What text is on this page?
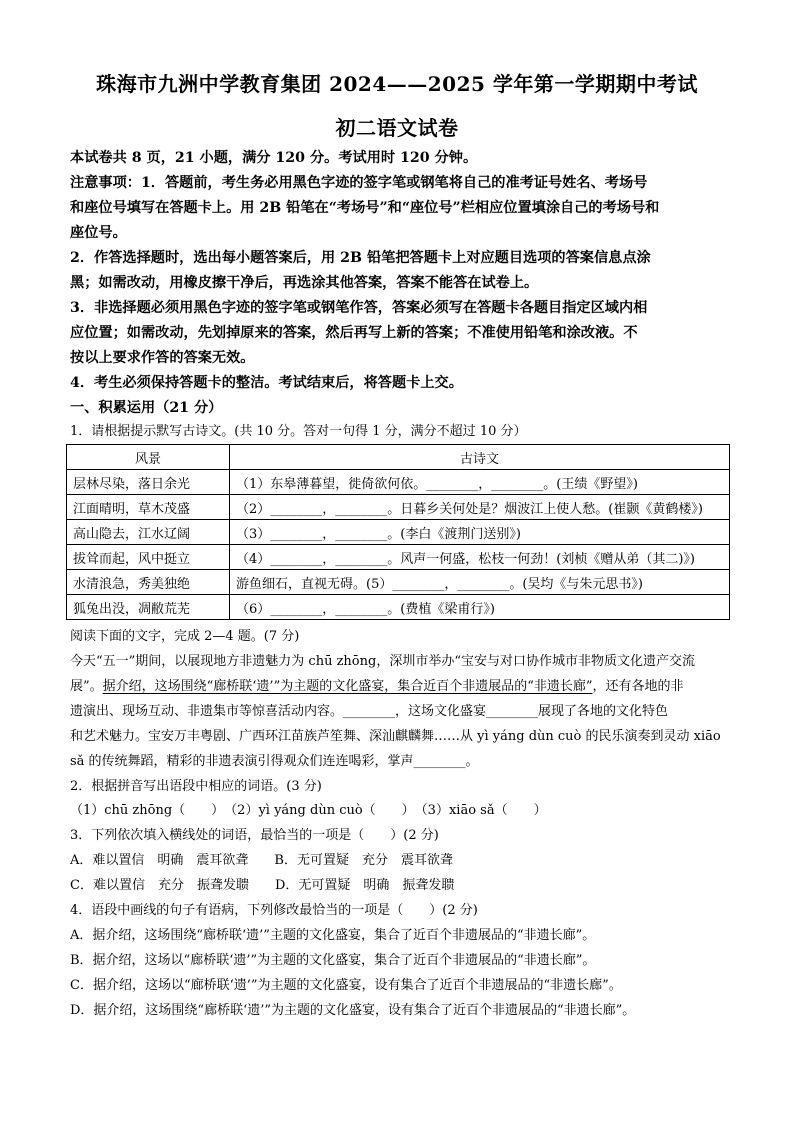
珠海市九洲中学教育集团 2024——2025 学年第一学期期中考试
初二语文试卷
本试卷共 8 页，21 小题，满分 120 分。考试用时 120 分钟。
注意事项：1．答题前，考生务必用黑色字迹的签字笔或钢笔将自己的准考证号姓名、考场号
和座位号填写在答题卡上。用 2B 铅笔在“考场号”和“座位号”栏相应位置填涂自己的考场号和
座位号。
2．作答选择题时，选出每小题答案后，用 2B 铅笔把答题卡上对应题目选项的答案信息点涂
黑；如需改动，用橡皮擦干净后，再选涂其他答案，答案不能答在试卷上。
3．非选择题必须用黑色字迹的签字笔或钢笔作答，答案必须写在答题卡各题目指定区域内相
应位置；如需改动，先划掉原来的答案，然后再写上新的答案；不准使用铅笔和涂改液。不
按以上要求作答的答案无效。
4．考生必须保持答题卡的整洁。考试结束后，将答题卡上交。
一、积累运用（21 分）
1．请根据提示默写古诗文。(共 10 分。答对一句得 1 分，满分不超过 10 分）
风景	古诗文
层林尽染，落日余光	（1）东皋薄暮望，徙倚欲何依。________，________。(王绩《野望》)
江面晴明，草木茂盛	（2）________，________。日暮乡关何处是？烟波江上使人愁。(崔颢《黄鹤楼》)
高山隐去，江水辽阔	（3）________，________。(李白《渡荆门送别》)
拔耸而起，风中挺立	（4）________，________。风声一何盛，松枝一何劲！(刘桢《赠从弟（其二)》)
水清浪急，秀美独绝	游鱼细石，直视无碍。(5）________，________。(吴均《与朱元思书》)
狐兔出没，凋敝荒芜	（6）________，________。(费植《梁甫行》)
阅读下面的文字，完成 2—4 题。(7 分)
今天“五一”期间，以展现地方非遗魅力为 chū zhōng，深圳市举办“宝安与对口协作城市非物质文化遗产交流
展”。据介绍，这场围绕“廊桥联‘遗’”为主题的文化盛宴，集合近百个非遗展品的“非遗长廊”，还有各地的非
遗演出、现场互动、非遗集市等惊喜活动内容。________，这场文化盛宴________展现了各地的文化特色
和艺术魅力。宝安万丰粤剧、广西环江苗族芦笙舞、深汕麒麟舞……从 yì yáng dùn cuò 的民乐演奏到灵动 xiāo
sǎ 的传统舞蹈，精彩的非遗表演引得观众们连连喝彩，掌声________。
2．根据拼音写出语段中相应的词语。(3 分)
（1）chū zhōng（　　）　（2）yì yáng dùn cuò（　　）　（3）xiāo sǎ（　　）
3．下列依次填入横线处的词语，最恰当的一项是（　　）(2 分)
A．难以置信　明确　震耳欲聋　　B．无可置疑　充分　震耳欲聋
C．难以置信　充分　振聋发聩　　D．无可置疑　明确　振聋发聩
4．语段中画线的句子有语病，下列修改最恰当的一项是（　　）(2 分)
A．据介绍，这场围绕“廊桥联‘遗’”主题的文化盛宴，集合了近百个非遗展品的“非遗长廊”。
B．据介绍，这场以“廊桥联‘遗’”为主题的文化盛宴，集合了近百个非遗展品的“非遗长廊”。
C．据介绍，这场以“廊桥联‘遗’”为主题的文化盛宴，设有集合了近百个非遗展品的“非遗长廊”。
D．据介绍，这场围绕“廊桥联‘遗’”为主题的文化盛宴，设有集合了近百个非遗展品的“非遗长廊”。
